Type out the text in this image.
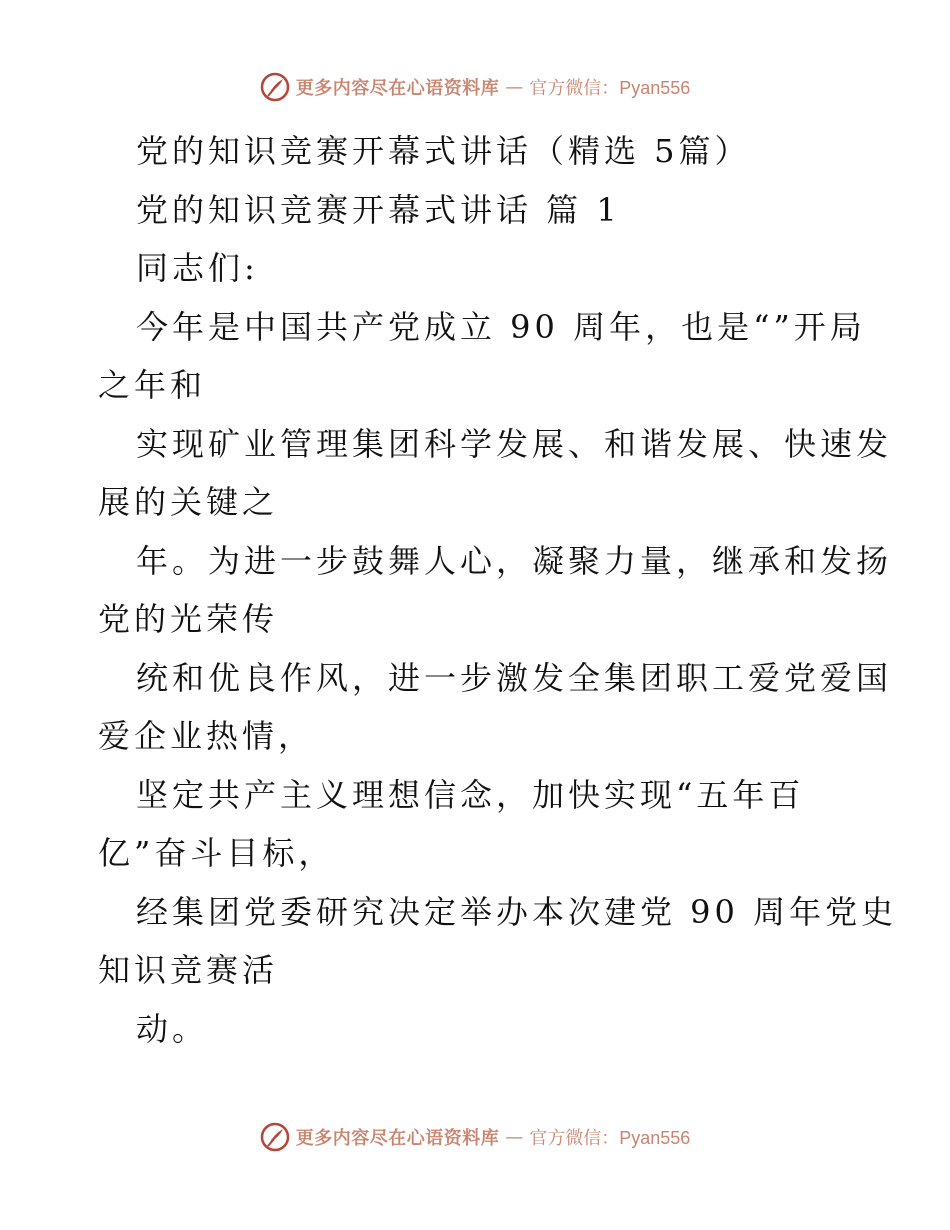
更多内容尽在心语资料库 — 官方微信：Pyan556
党的知识竞赛开幕式讲话（精选 5篇）
党的知识竞赛开幕式讲话 篇 1
同志们:
今年是中国共产党成立 90 周年，也是“”开局
之年和
实现矿业管理集团科学发展、和谐发展、快速发
展的关键之
年。为进一步鼓舞人心，凝聚力量，继承和发扬
党的光荣传
统和优良作风，进一步激发全集团职工爱党爱国
爱企业热情，
坚定共产主义理想信念，加快实现“五年百
亿”奋斗目标，
经集团党委研究决定举办本次建党 90 周年党史
知识竞赛活
动。
更多内容尽在心语资料库 — 官方微信：Pyan556
